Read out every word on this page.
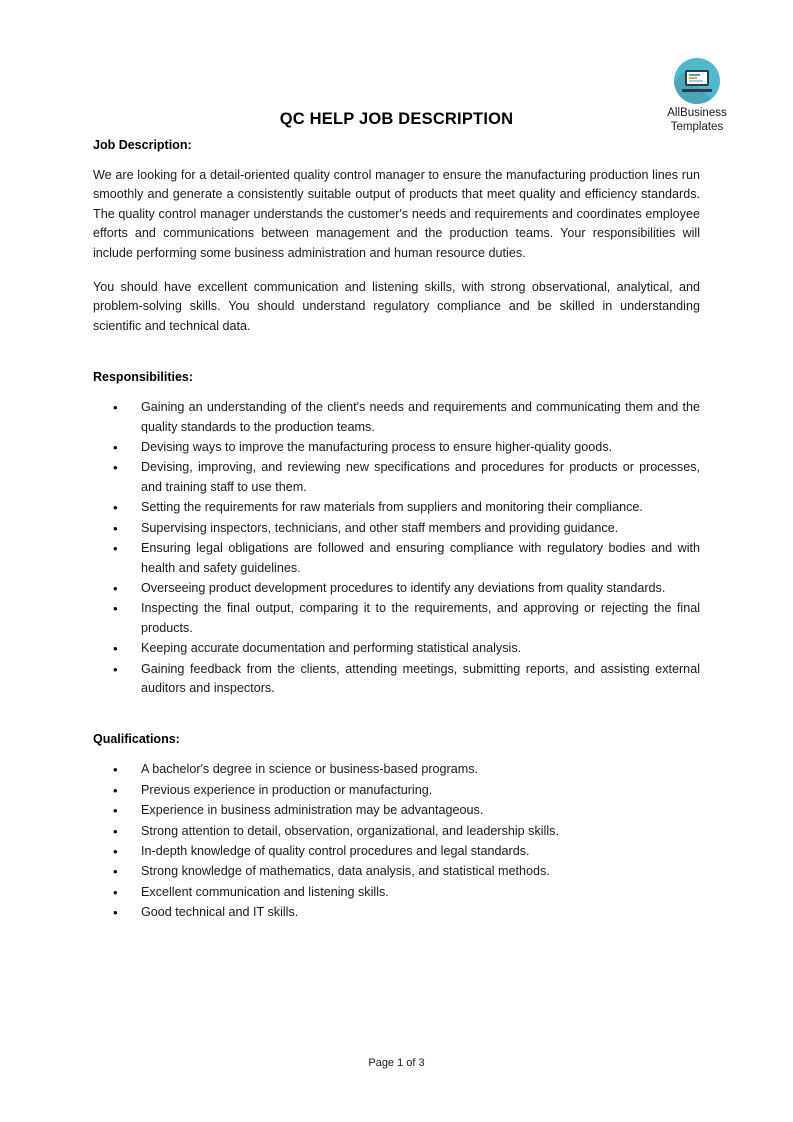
AllBusiness
Templates
QC HELP JOB DESCRIPTION
Job Description:

We are looking for a detail-oriented quality control manager to ensure the manufacturing production lines run smoothly and generate a consistently suitable output of products that meet quality and efficiency standards. The quality control manager understands the customer's needs and requirements and coordinates employee efforts and communications between management and the production teams. Your responsibilities will include performing some business administration and human resource duties.

You should have excellent communication and listening skills, with strong observational, analytical, and problem-solving skills. You should understand regulatory compliance and be skilled in understanding scientific and technical data.

Responsibilities:
• Gaining an understanding of the client's needs and requirements and communicating them and the quality standards to the production teams.
• Devising ways to improve the manufacturing process to ensure higher-quality goods.
• Devising, improving, and reviewing new specifications and procedures for products or processes, and training staff to use them.
• Setting the requirements for raw materials from suppliers and monitoring their compliance.
• Supervising inspectors, technicians, and other staff members and providing guidance.
• Ensuring legal obligations are followed and ensuring compliance with regulatory bodies and with health and safety guidelines.
• Overseeing product development procedures to identify any deviations from quality standards.
• Inspecting the final output, comparing it to the requirements, and approving or rejecting the final products.
• Keeping accurate documentation and performing statistical analysis.
• Gaining feedback from the clients, attending meetings, submitting reports, and assisting external auditors and inspectors.
Qualifications:
• A bachelor's degree in science or business-based programs.
• Previous experience in production or manufacturing.
• Experience in business administration may be advantageous.
• Strong attention to detail, observation, organizational, and leadership skills.
• In-depth knowledge of quality control procedures and legal standards.
• Strong knowledge of mathematics, data analysis, and statistical methods.
• Excellent communication and listening skills.
• Good technical and IT skills.
Page 1 of 3
